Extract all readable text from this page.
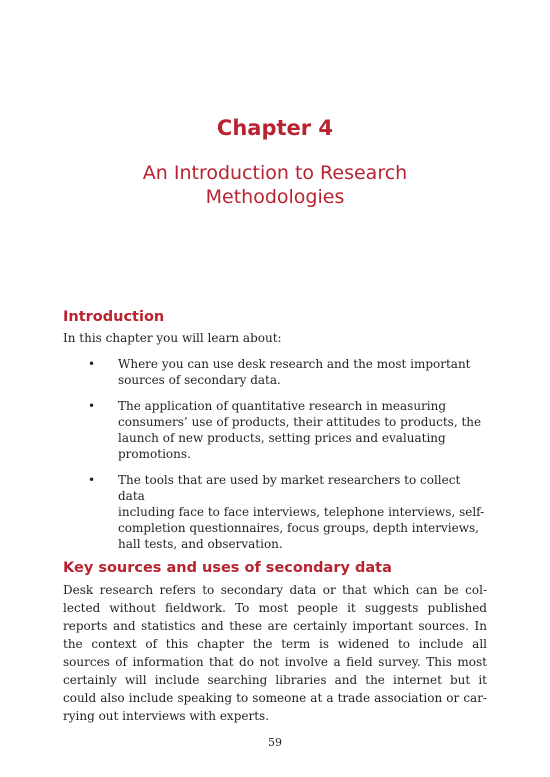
Chapter 4
An Introduction to Research
Methodologies
Introduction
In this chapter you will learn about:
• Where you can use desk research and the most important
sources of secondary data.
• The application of quantitative research in measuring
consumers’ use of products, their attitudes to products, the
launch of new products, setting prices and evaluating
promotions.
• The tools that are used by market researchers to collect data
including face to face interviews, telephone interviews, self-
completion questionnaires, focus groups, depth interviews,
hall tests, and observation.
Key sources and uses of secondary data
Desk research refers to secondary data or that which can be col-
lected without fieldwork. To most people it suggests published
reports and statistics and these are certainly important sources. In
the context of this chapter the term is widened to include all
sources of information that do not involve a field survey. This most
certainly will include searching libraries and the internet but it
could also include speaking to someone at a trade association or car-
rying out interviews with experts.
59
